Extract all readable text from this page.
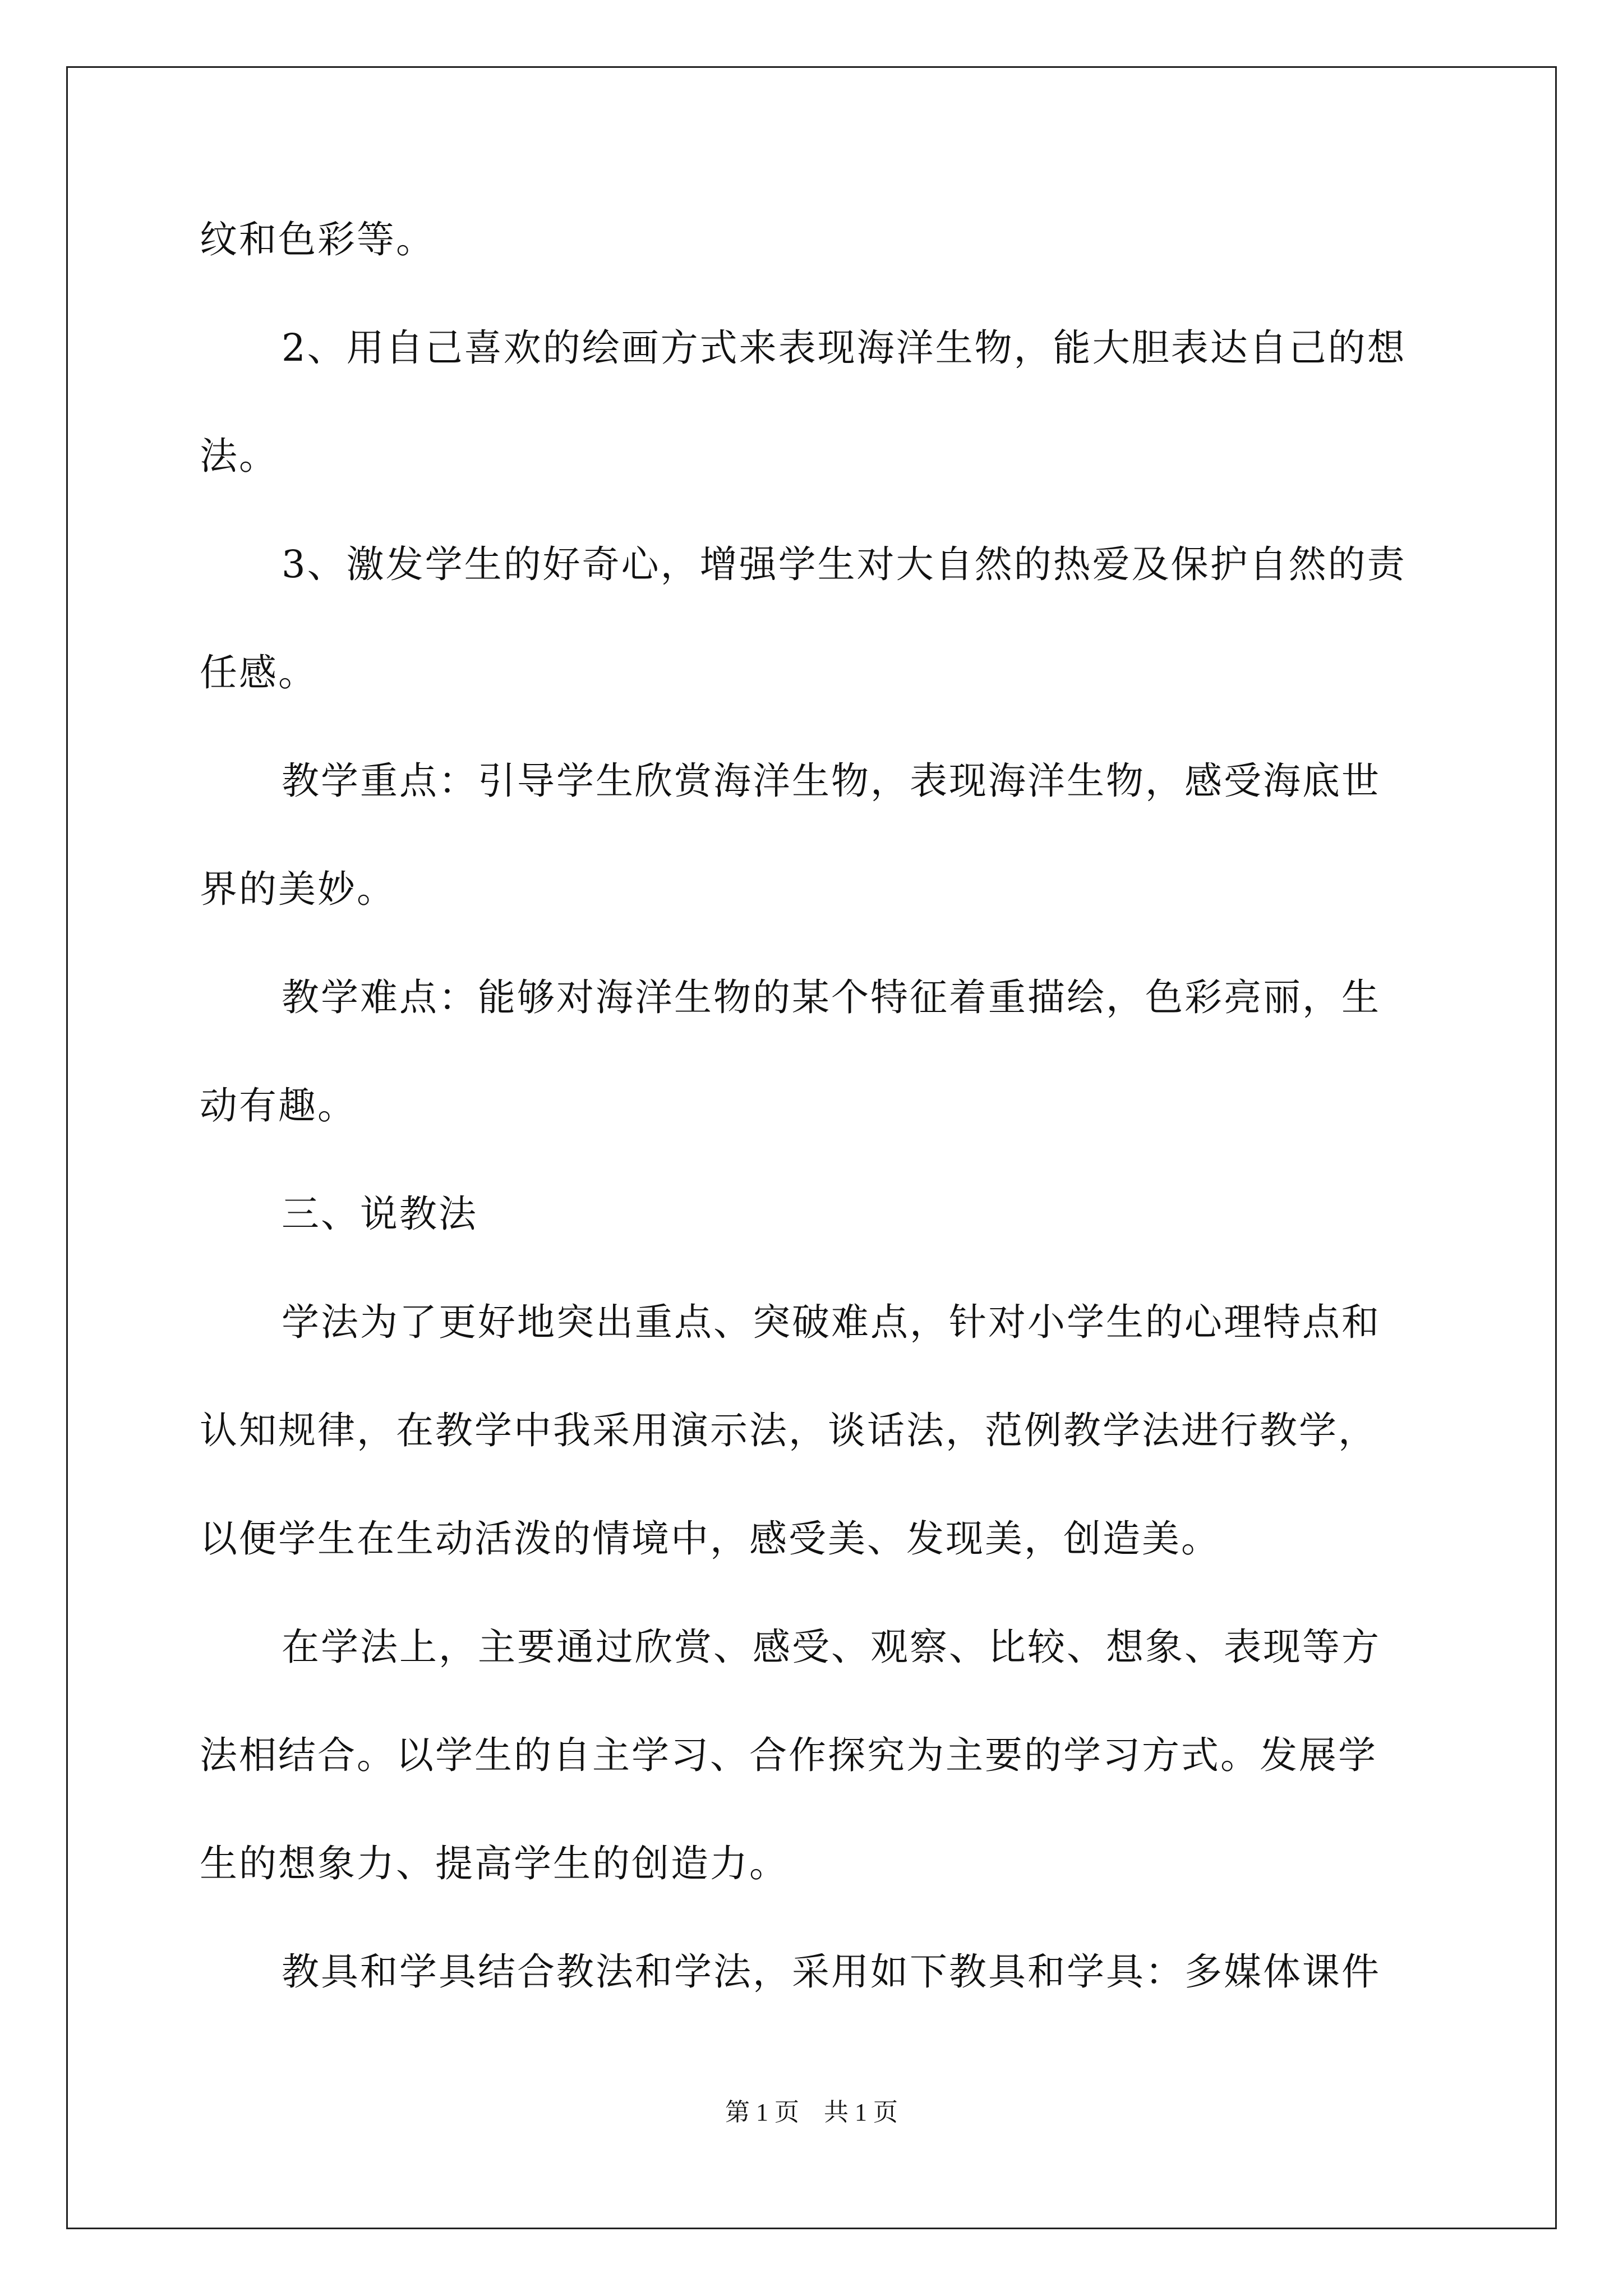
纹和色彩等。
2、用自己喜欢的绘画方式来表现海洋生物，能大胆表达自己的想
法。
3、激发学生的好奇心，增强学生对大自然的热爱及保护自然的责
任感。
教学重点：引导学生欣赏海洋生物，表现海洋生物，感受海底世
界的美妙。
教学难点：能够对海洋生物的某个特征着重描绘，色彩亮丽，生
动有趣。
三、说教法
学法为了更好地突出重点、突破难点，针对小学生的心理特点和
认知规律，在教学中我采用演示法，谈话法，范例教学法进行教学，
以便学生在生动活泼的情境中，感受美、发现美，创造美。
在学法上，主要通过欣赏、感受、观察、比较、想象、表现等方
法相结合。以学生的自主学习、合作探究为主要的学习方式。发展学
生的想象力、提高学生的创造力。
教具和学具结合教法和学法，采用如下教具和学具：多媒体课件
第 1 页    共 1 页
